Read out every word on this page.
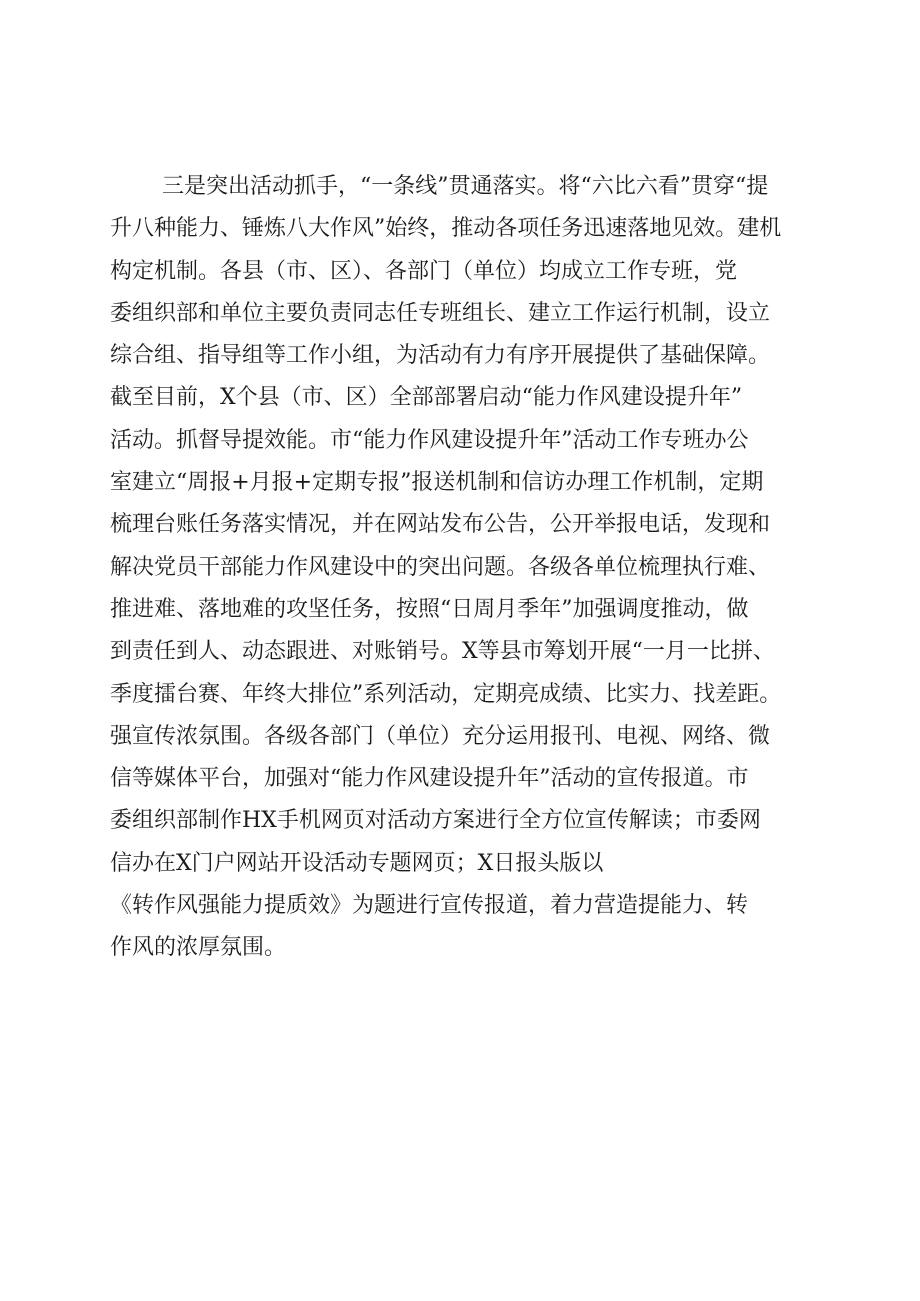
三是突出活动抓手，“一条线”贯通落实。将“六比六看”贯穿“提
升八种能力、锤炼八大作风”始终，推动各项任务迅速落地见效。建机
构定机制。各县（市、区）、各部门（单位）均成立工作专班，党
委组织部和单位主要负责同志任专班组长、建立工作运行机制，设立
综合组、指导组等工作小组，为活动有力有序开展提供了基础保障。
截至目前，X个县（市、区）全部部署启动“能力作风建设提升年”
活动。抓督导提效能。市“能力作风建设提升年”活动工作专班办公
室建立“周报+月报+定期专报”报送机制和信访办理工作机制，定期
梳理台账任务落实情况，并在网站发布公告，公开举报电话，发现和
解决党员干部能力作风建设中的突出问题。各级各单位梳理执行难、
推进难、落地难的攻坚任务，按照“日周月季年”加强调度推动，做
到责任到人、动态跟进、对账销号。X等县市筹划开展“一月一比拼、
季度擂台赛、年终大排位”系列活动，定期亮成绩、比实力、找差距。
强宣传浓氛围。各级各部门（单位）充分运用报刊、电视、网络、微
信等媒体平台，加强对“能力作风建设提升年”活动的宣传报道。市
委组织部制作HX手机网页对活动方案进行全方位宣传解读；市委网
信办在X门户网站开设活动专题网页；X日报头版以
《转作风强能力提质效》为题进行宣传报道，着力营造提能力、转
作风的浓厚氛围。
